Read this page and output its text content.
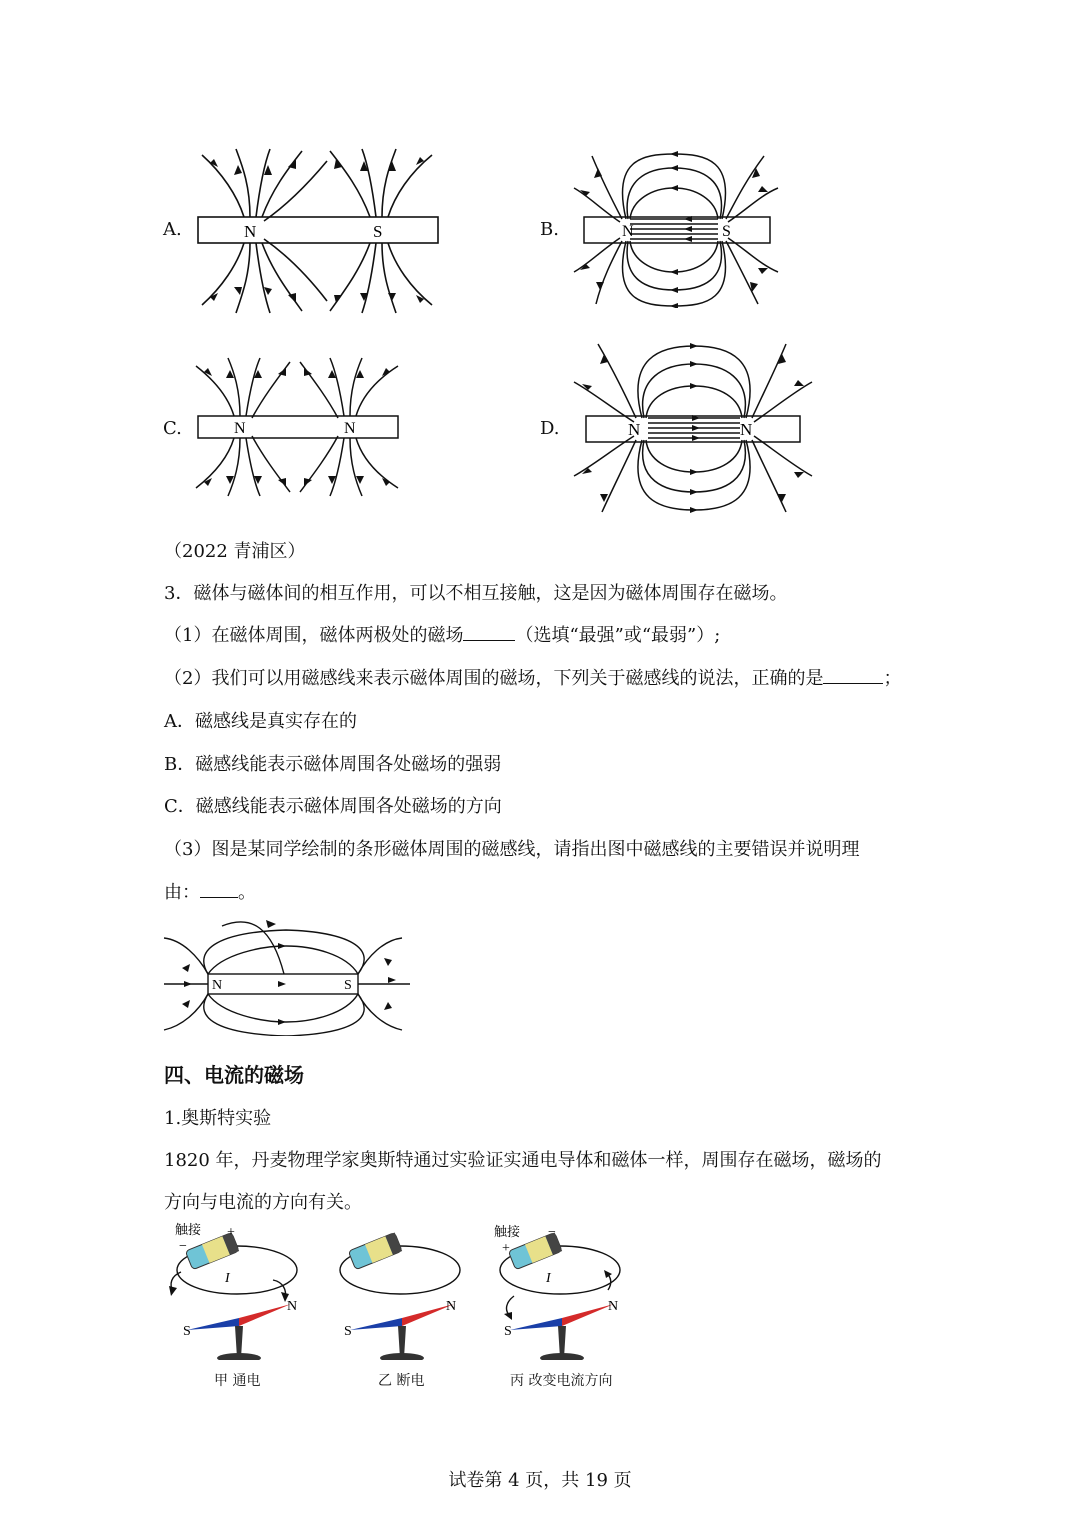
A.	B.
C.	D.
N	S	N	S
N	N	N	N
（2022 青浦区）
3．磁体与磁体间的相互作用，可以不相互接触，这是因为磁体周围存在磁场。
（1）在磁体周围，磁体两极处的磁场	（选填“最强”或“最弱”）;
（2）我们可以用磁感线来表示磁体周围的磁场，下列关于磁感线的说法，正确的是	；
A．磁感线是真实存在的
B．磁感线能表示磁体周围各处磁场的强弱
C．磁感线能表示磁体周围各处磁场的方向
（3）图是某同学绘制的条形磁体周围的磁感线，请指出图中磁感线的主要错误并说明理
由： 。
N	S
四、电流的磁场
1.奥斯特实验
1820 年，丹麦物理学家奥斯特通过实验证实通电导体和磁体一样，周围存在磁场，磁场的
方向与电流的方向有关。
触接
−
+
I
N
S
甲 通电
N
S
乙 断电
触接
+
−
I
N
S
丙 改变电流方向
试卷第 4 页，共 19 页
